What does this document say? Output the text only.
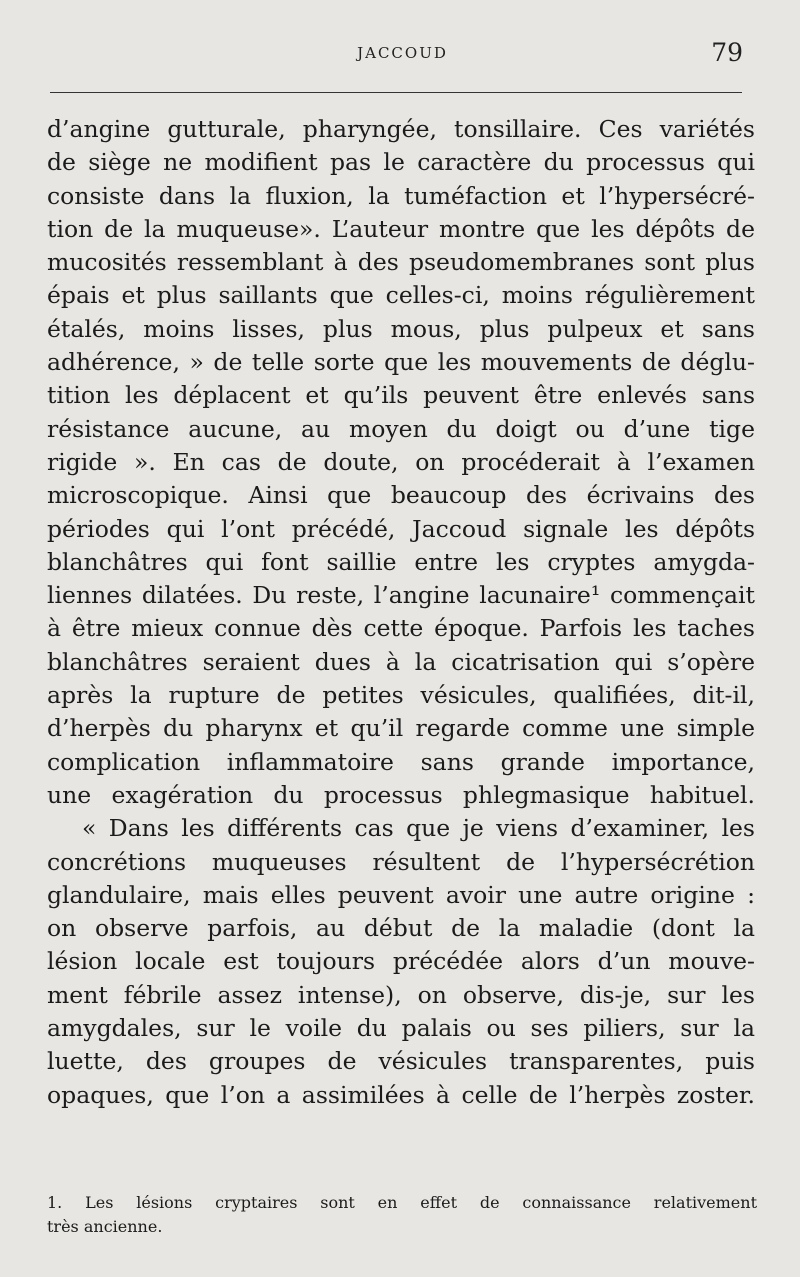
JACCOUD	79
d’angine gutturale, pharyngée, tonsillaire. Ces variétés
de siège ne modifient pas le caractère du processus qui
consiste dans la fluxion, la tuméfaction et l’hypersécré-
tion de la muqueuse». L’auteur montre que les dépôts de
mucosités ressemblant à des pseudomembranes sont plus
épais et plus saillants que celles-ci, moins régulièrement
étalés, moins lisses, plus mous, plus pulpeux et sans
adhérence, » de telle sorte que les mouvements de déglu-
tition les déplacent et qu’ils peuvent être enlevés sans
résistance aucune, au moyen du doigt ou d’une tige
rigide ». En cas de doute, on procéderait à l’examen
microscopique. Ainsi que beaucoup des écrivains des
périodes qui l’ont précédé, Jaccoud signale les dépôts
blanchâtres qui font saillie entre les cryptes amygda-
liennes dilatées. Du reste, l’angine lacunaire¹ commençait
à être mieux connue dès cette époque. Parfois les taches
blanchâtres seraient dues à la cicatrisation qui s’opère
après la rupture de petites vésicules, qualifiées, dit-il,
d’herpès du pharynx et qu’il regarde comme une simple
complication inflammatoire sans grande importance,
une exagération du processus phlegmasique habituel.
« Dans les différents cas que je viens d’examiner, les
concrétions muqueuses résultent de l’hypersécrétion
glandulaire, mais elles peuvent avoir une autre origine :
on observe parfois, au début de la maladie (dont la
lésion locale est toujours précédée alors d’un mouve-
ment fébrile assez intense), on observe, dis-je, sur les
amygdales, sur le voile du palais ou ses piliers, sur la
luette, des groupes de vésicules transparentes, puis
opaques, que l’on a assimilées à celle de l’herpès zoster.
1. Les lésions cryptaires sont en effet de connaissance relativement
très ancienne.
